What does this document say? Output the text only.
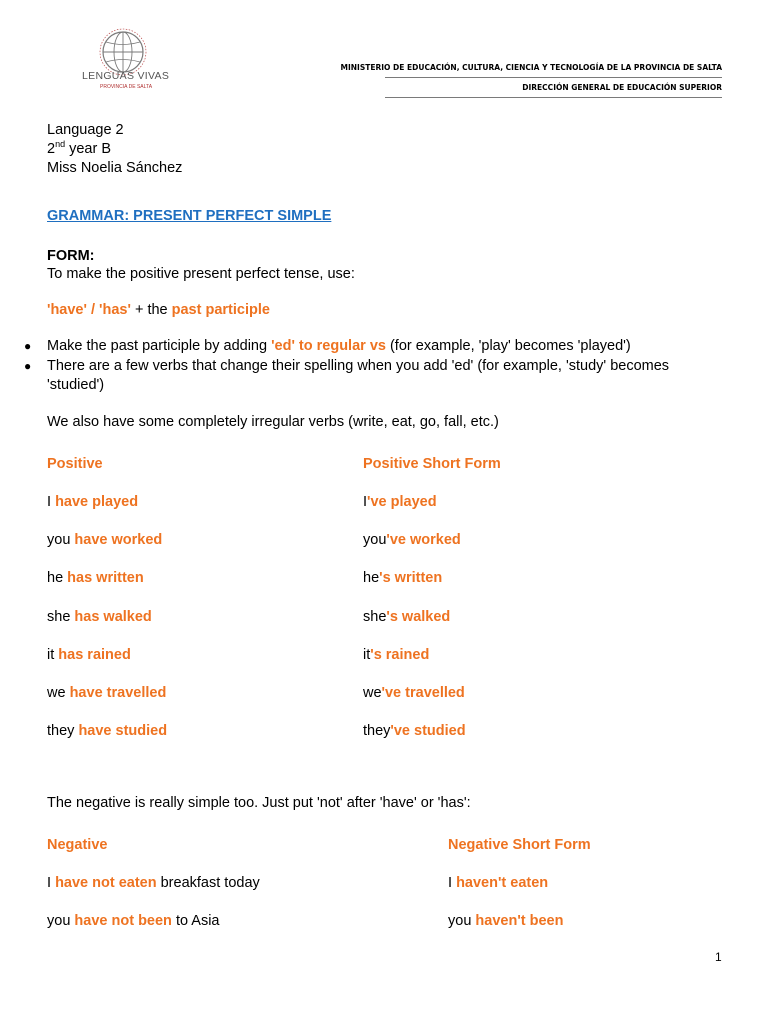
LENGUAS VIVAS
PROVINCIA DE SALTA
MINISTERIO DE EDUCACIÓN, CULTURA, CIENCIA Y TECNOLOGÍA DE LA PROVINCIA DE SALTA
DIRECCIÓN GENERAL DE EDUCACIÓN SUPERIOR
Language 2
2nd year B
Miss Noelia Sánchez
GRAMMAR: PRESENT PERFECT SIMPLE
FORM:
To make the positive present perfect tense, use:
'have' / 'has' + the past participle
● Make the past participle by adding 'ed' to regular vs (for example, 'play' becomes 'played')
● There are a few verbs that change their spelling when you add 'ed' (for example, 'study' becomes 'studied')
We also have some completely irregular verbs (write, eat, go, fall, etc.)
Positive	Positive Short Form
I have played	I've played
you have worked	you've worked
he has written	he's written
she has walked	she's walked
it has rained	it's rained
we have travelled	we've travelled
they have studied	they've studied
The negative is really simple too. Just put 'not' after 'have' or 'has':
Negative	Negative Short Form
I have not eaten breakfast today	I haven't eaten
you have not been to Asia	you haven't been
1
